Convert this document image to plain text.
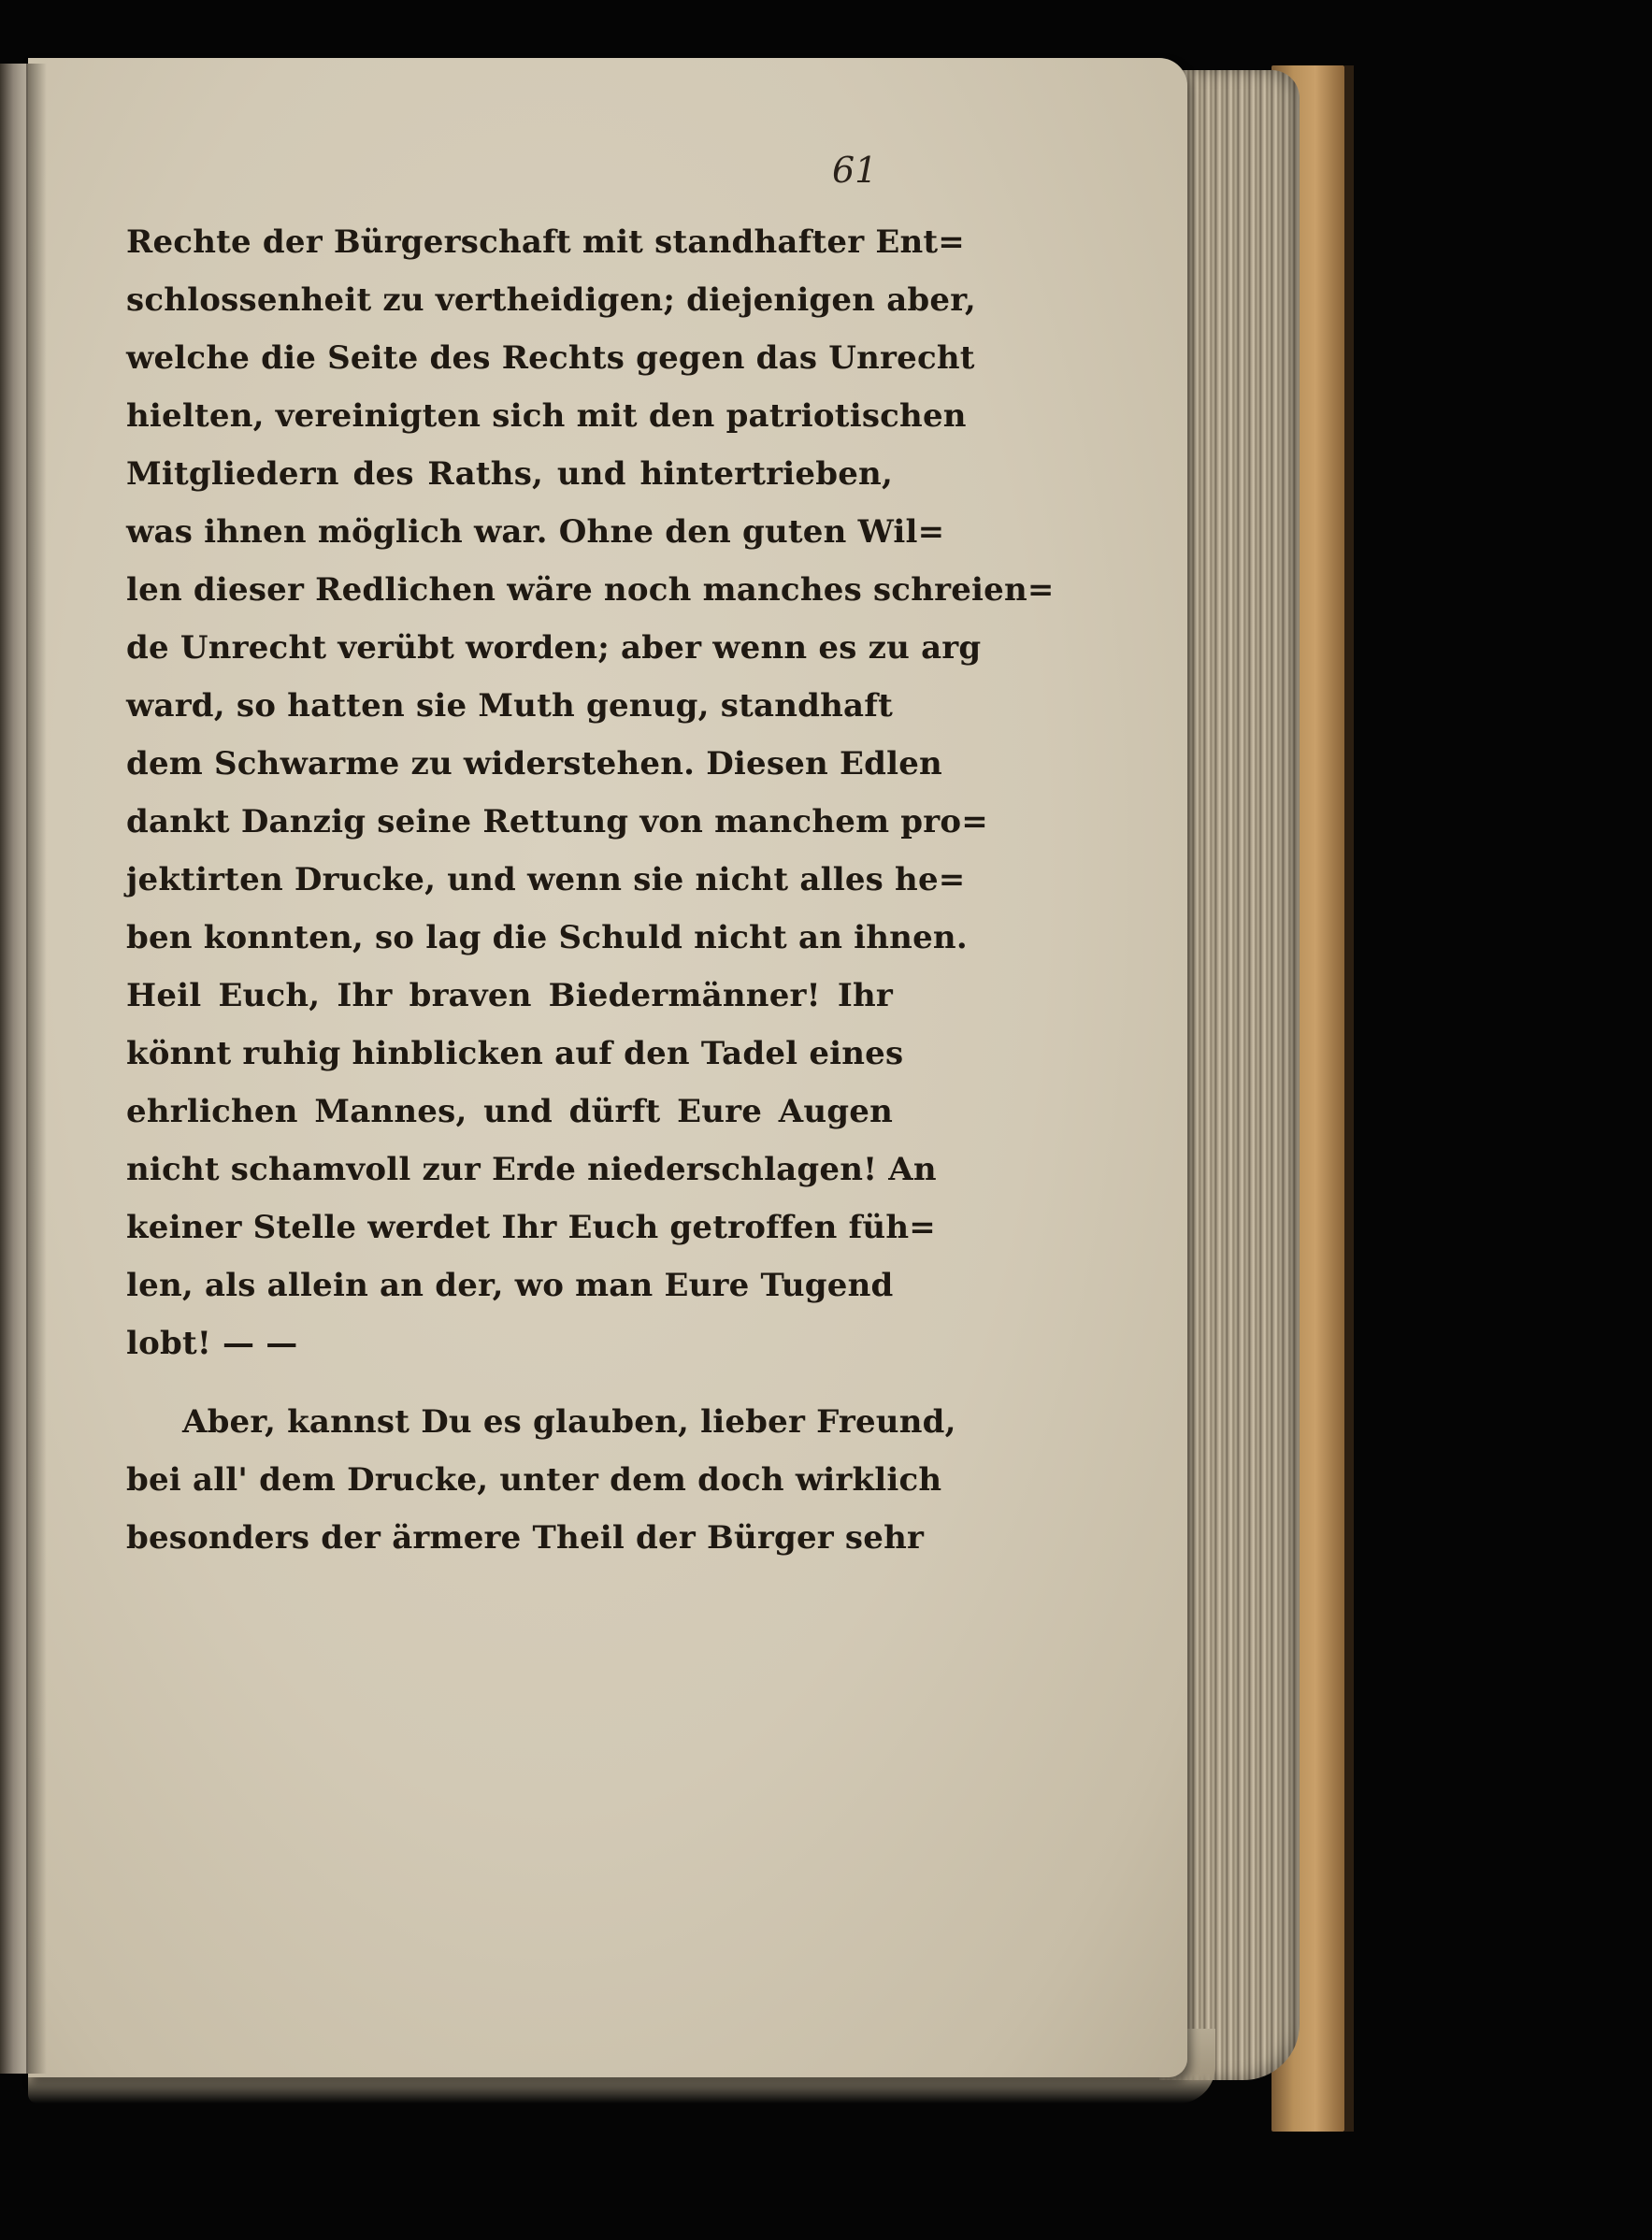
61
Rechte der Bürgerschaft mit standhafter Ent=
schlossenheit zu vertheidigen; diejenigen aber,
welche die Seite des Rechts gegen das Unrecht
hielten, vereinigten sich mit den patriotischen
Mitgliedern des Raths, und hintertrieben,
was ihnen möglich war. Ohne den guten Wil=
len dieser Redlichen wäre noch manches schreien=
de Unrecht verübt worden; aber wenn es zu arg
ward, so hatten sie Muth genug, standhaft
dem Schwarme zu widerstehen. Diesen Edlen
dankt Danzig seine Rettung von manchem pro=
jektirten Drucke, und wenn sie nicht alles he=
ben konnten, so lag die Schuld nicht an ihnen.
Heil Euch, Ihr braven Biedermänner! Ihr
könnt ruhig hinblicken auf den Tadel eines
ehrlichen Mannes, und dürft Eure Augen
nicht schamvoll zur Erde niederschlagen! An
keiner Stelle werdet Ihr Euch getroffen füh=
len, als allein an der, wo man Eure Tugend
lobt! — —
Aber, kannst Du es glauben, lieber Freund,
bei all' dem Drucke, unter dem doch wirklich
besonders der ärmere Theil der Bürger sehr
